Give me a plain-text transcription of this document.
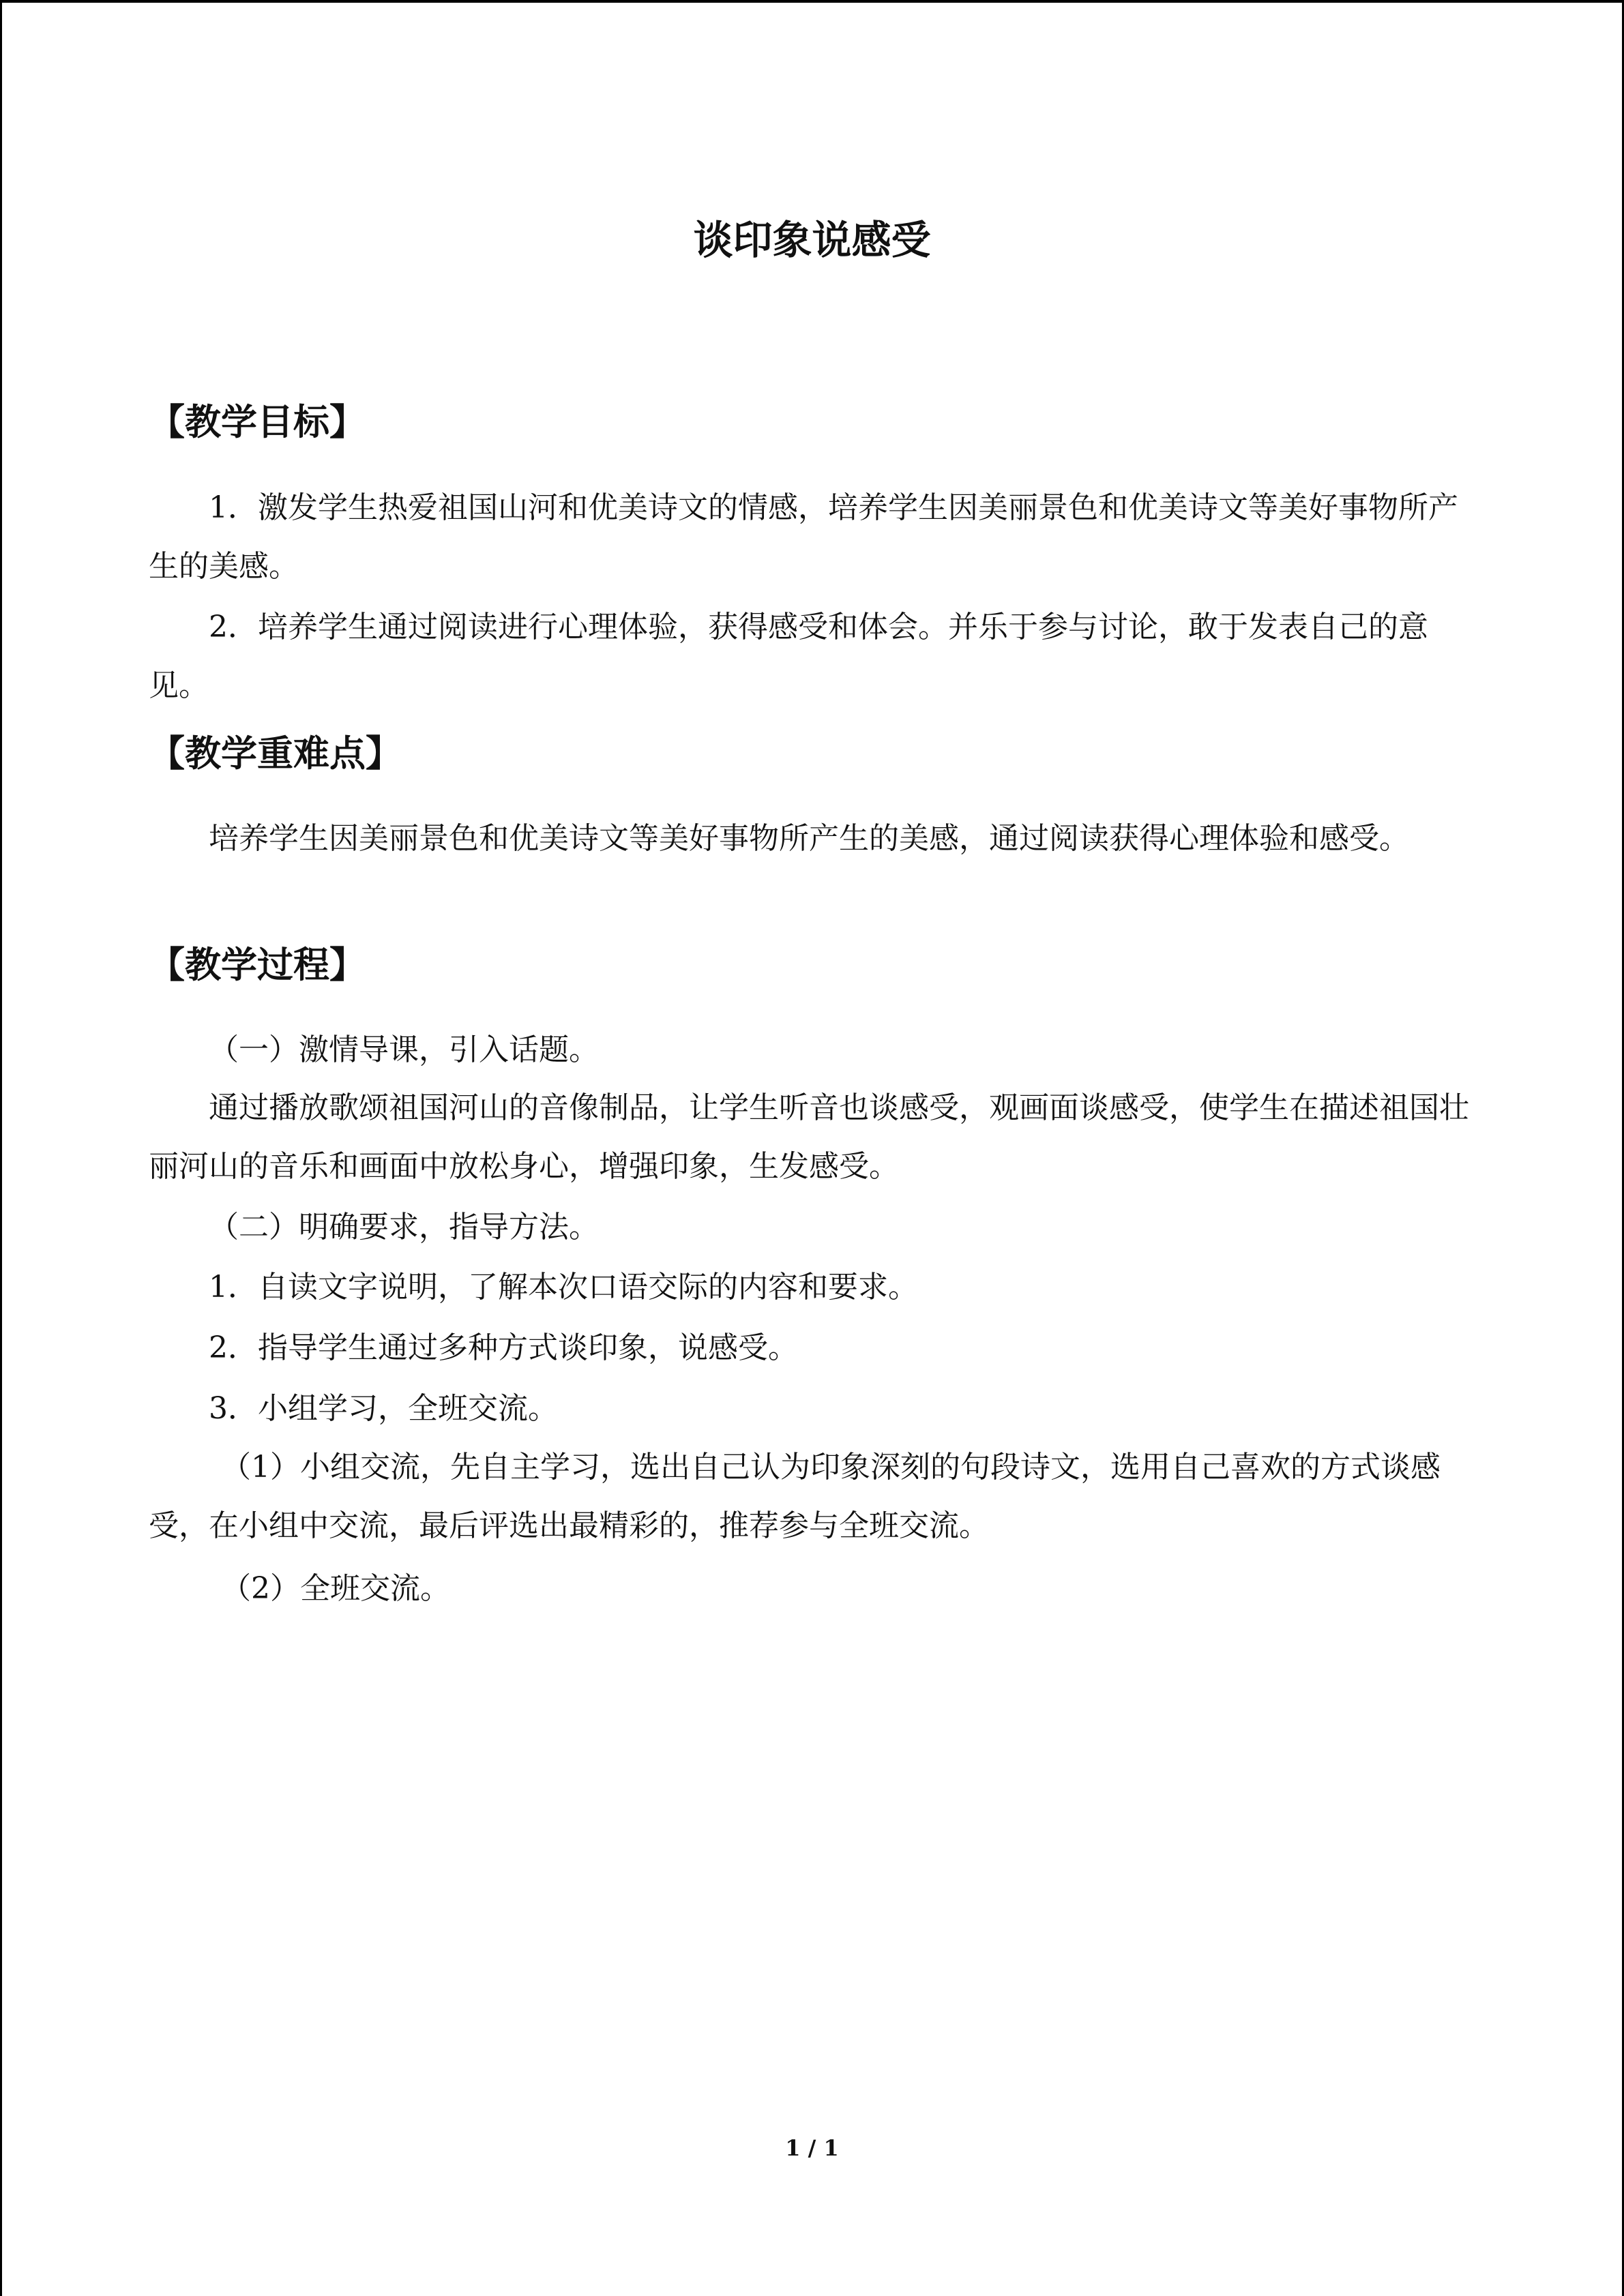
谈印象说感受
【教学目标】

1．激发学生热爱祖国山河和优美诗文的情感，培养学生因美丽景色和优美诗文等美好事物所产生的美感。

2．培养学生通过阅读进行心理体验，获得感受和体会。并乐于参与讨论，敢于发表自己的意见。

【教学重难点】

培养学生因美丽景色和优美诗文等美好事物所产生的美感，通过阅读获得心理体验和感受。

【教学过程】

（一）激情导课，引入话题。

通过播放歌颂祖国河山的音像制品，让学生听音也谈感受，观画面谈感受，使学生在描述祖国壮丽河山的音乐和画面中放松身心，增强印象，生发感受。

（二）明确要求，指导方法。

1．自读文字说明，了解本次口语交际的内容和要求。

2．指导学生通过多种方式谈印象，说感受。

3．小组学习，全班交流。

（1）小组交流，先自主学习，选出自己认为印象深刻的句段诗文，选用自己喜欢的方式谈感受，在小组中交流，最后评选出最精彩的，推荐参与全班交流。

（2）全班交流。

1 / 1
